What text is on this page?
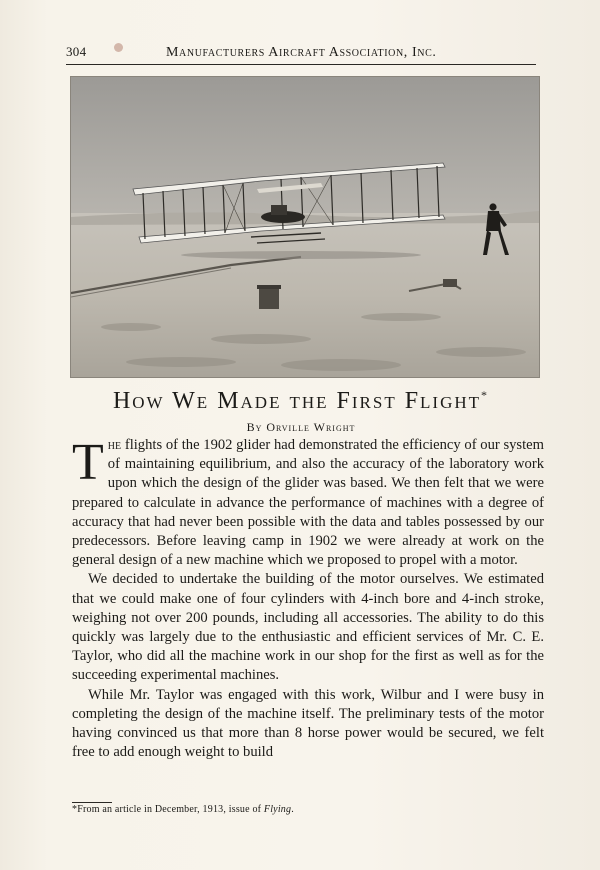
304	Manufacturers Aircraft Association, Inc.
How We Made the First Flight*
By Orville Wright

The flights of the 1902 glider had demonstrated the efficiency of our system of maintaining equilibrium, and also the accuracy of the laboratory work upon which the design of the glider was based. We then felt that we were prepared to calculate in advance the performance of machines with a degree of accuracy that had never been possible with the data and tables possessed by our predecessors. Before leaving camp in 1902 we were already at work on the general design of a new machine which we proposed to propel with a motor.

We decided to undertake the building of the motor ourselves. We estimated that we could make one of four cylinders with 4-inch bore and 4-inch stroke, weighing not over 200 pounds, including all accessories. The ability to do this quickly was largely due to the enthusiastic and efficient services of Mr. C. E. Taylor, who did all the machine work in our shop for the first as well as for the succeeding experimental machines.

While Mr. Taylor was engaged with this work, Wilbur and I were busy in completing the design of the machine itself. The preliminary tests of the motor having convinced us that more than 8 horse power would be secured, we felt free to add enough weight to build

*From an article in December, 1913, issue of Flying.
